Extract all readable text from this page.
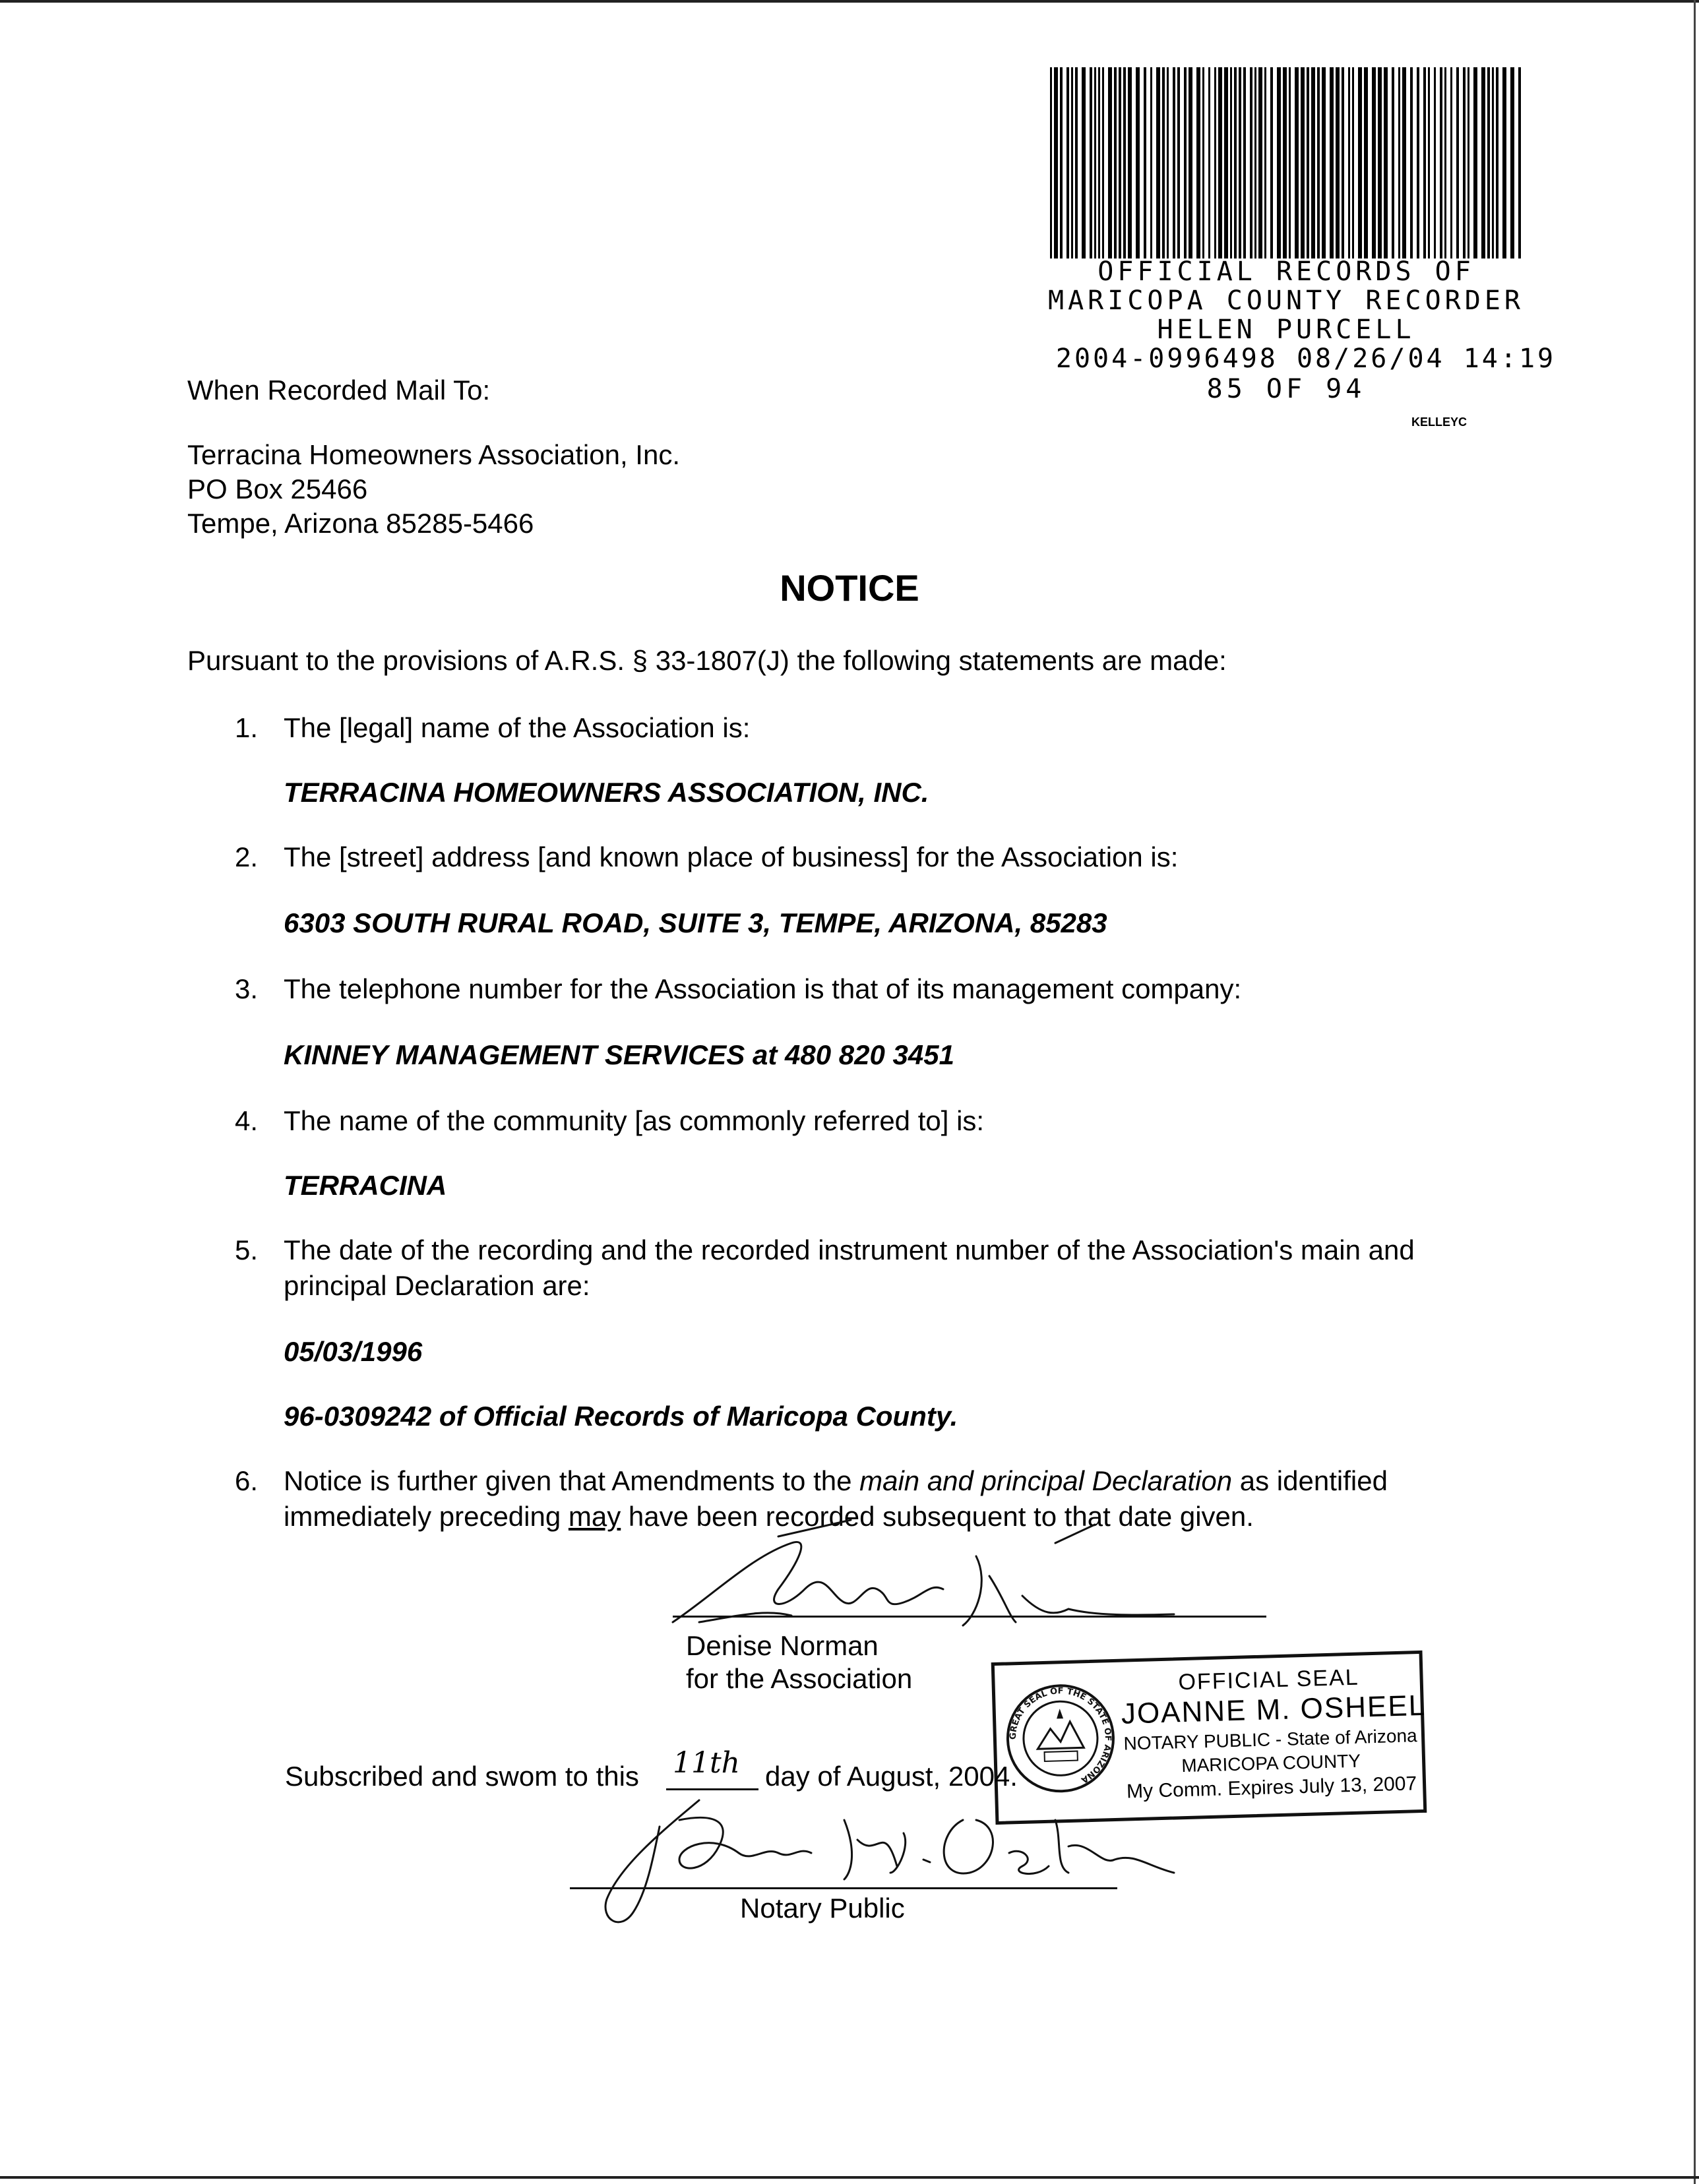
OFFICIAL RECORDS OF
MARICOPA COUNTY RECORDER
HELEN PURCELL
2004-0996498 08/26/04 14:19
85 OF 94
KELLEYC
When Recorded Mail To:
Terracina Homeowners Association, Inc.
PO Box 25466
Tempe, Arizona 85285-5466
NOTICE
Pursuant to the provisions of A.R.S. § 33-1807(J) the following statements are made:
1. The [legal] name of the Association is:
TERRACINA HOMEOWNERS ASSOCIATION, INC.
2. The [street] address [and known place of business] for the Association is:
6303 SOUTH RURAL ROAD, SUITE 3, TEMPE, ARIZONA, 85283
3. The telephone number for the Association is that of its management company:
KINNEY MANAGEMENT SERVICES at 480 820 3451
4. The name of the community [as commonly referred to] is:
TERRACINA
5. The date of the recording and the recorded instrument number of the Association's main and
principal Declaration are:
05/03/1996
96-0309242 of Official Records of Maricopa County.
6. Notice is further given that Amendments to the main and principal Declaration as identified
immediately preceding may have been recorded subsequent to that date given.
Denise Norman
for the Association
GREAT SEAL OF THE STATE OF ARIZONA
OFFICIAL SEAL
JOANNE M. OSHEEL
NOTARY PUBLIC - State of Arizona
MARICOPA COUNTY
My Comm. Expires July 13, 2007
Subscribed and swom to this 11th day of August, 2004.
Notary Public
